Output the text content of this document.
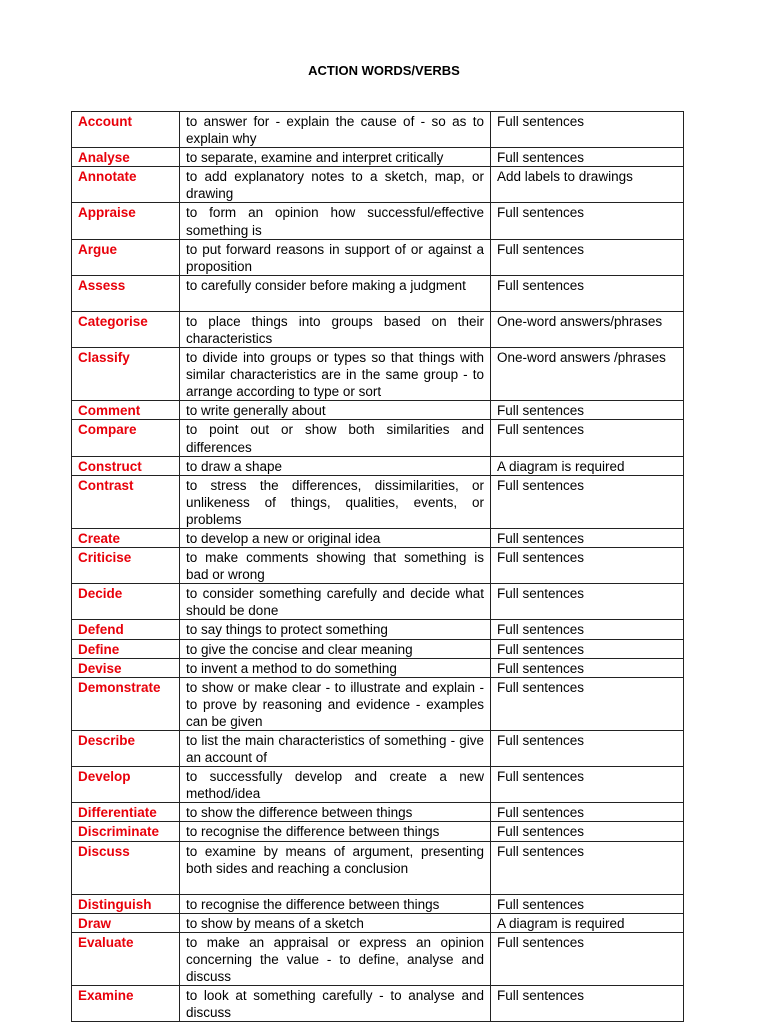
ACTION WORDS/VERBS
Account	to answer for - explain the cause of - so as to explain why	Full sentences
Analyse	to separate, examine and interpret critically	Full sentences
Annotate	to add explanatory notes to a sketch, map, or drawing	Add labels to drawings
Appraise	to form an opinion how successful/effective something is	Full sentences
Argue	to put forward reasons in support of or against a proposition	Full sentences
Assess	to carefully consider before making a judgment	Full sentences
Categorise	to place things into groups based on their characteristics	One-word answers/phrases
Classify	to divide into groups or types so that things with similar characteristics are in the same group - to arrange according to type or sort	One-word answers /phrases
Comment	to write generally about	Full sentences
Compare	to point out or show both similarities and differences	Full sentences
Construct	to draw a shape	A diagram is required
Contrast	to stress the differences, dissimilarities, or unlikeness of things, qualities, events, or problems	Full sentences
Create	to develop a new or original idea	Full sentences
Criticise	to make comments showing that something is bad or wrong	Full sentences
Decide	to consider something carefully and decide what should be done	Full sentences
Defend	to say things to protect something	Full sentences
Define	to give the concise and clear meaning	Full sentences
Devise	to invent a method to do something	Full sentences
Demonstrate	to show or make clear - to illustrate and explain - to prove by reasoning and evidence - examples can be given	Full sentences
Describe	to list the main characteristics of something - give an account of	Full sentences
Develop	to successfully develop and create a new method/idea	Full sentences
Differentiate	to show the difference between things	Full sentences
Discriminate	to recognise the difference between things	Full sentences
Discuss	to examine by means of argument, presenting both sides and reaching a conclusion	Full sentences
Distinguish	to recognise the difference between things	Full sentences
Draw	to show by means of a sketch	A diagram is required
Evaluate	to make an appraisal or express an opinion concerning the value - to define, analyse and discuss	Full sentences
Examine	to look at something carefully - to analyse and discuss	Full sentences
